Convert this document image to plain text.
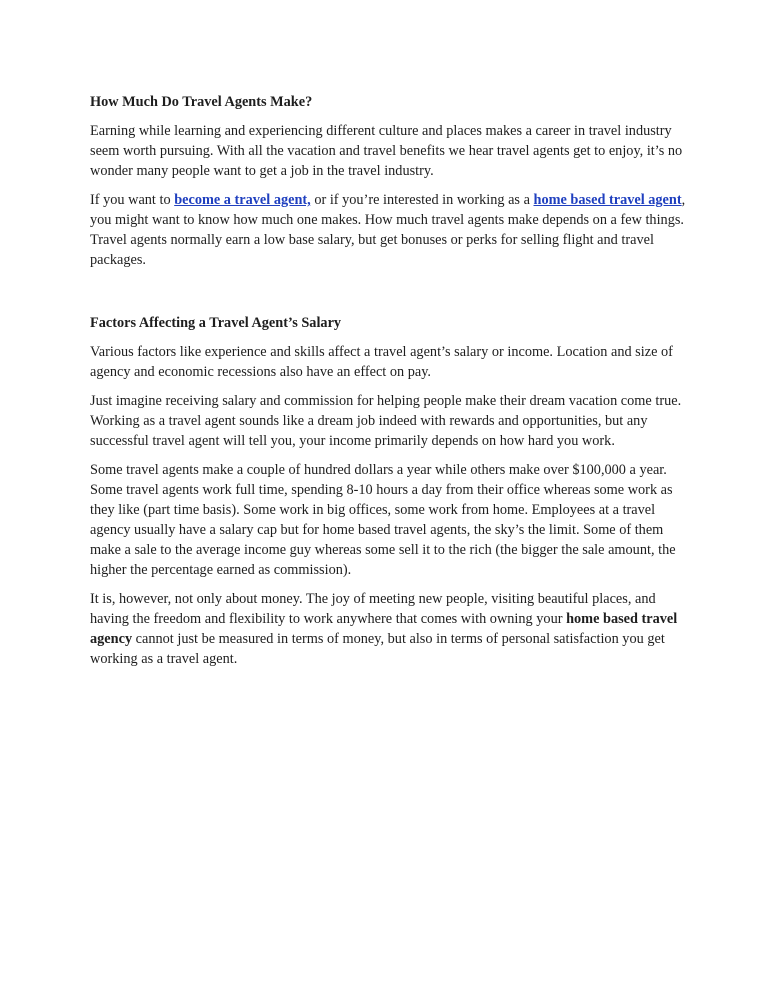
How Much Do Travel Agents Make?

Earning while learning and experiencing different culture and places makes a career in travel industry seem worth pursuing. With all the vacation and travel benefits we hear travel agents get to enjoy, it’s no wonder many people want to get a job in the travel industry.

If you want to become a travel agent, or if you’re interested in working as a home based travel agent, you might want to know how much one makes. How much travel agents make depends on a few things. Travel agents normally earn a low base salary, but get bonuses or perks for selling flight and travel packages.

Factors Affecting a Travel Agent’s Salary

Various factors like experience and skills affect a travel agent’s salary or income. Location and size of agency and economic recessions also have an effect on pay.

Just imagine receiving salary and commission for helping people make their dream vacation come true. Working as a travel agent sounds like a dream job indeed with rewards and opportunities, but any successful travel agent will tell you, your income primarily depends on how hard you work.

Some travel agents make a couple of hundred dollars a year while others make over $100,000 a year. Some travel agents work full time, spending 8-10 hours a day from their office whereas some work as they like (part time basis). Some work in big offices, some work from home. Employees at a travel agency usually have a salary cap but for home based travel agents, the sky’s the limit. Some of them make a sale to the average income guy whereas some sell it to the rich (the bigger the sale amount, the higher the percentage earned as commission).

It is, however, not only about money. The joy of meeting new people, visiting beautiful places, and having the freedom and flexibility to work anywhere that comes with owning your home based travel agency cannot just be measured in terms of money, but also in terms of personal satisfaction you get working as a travel agent.
